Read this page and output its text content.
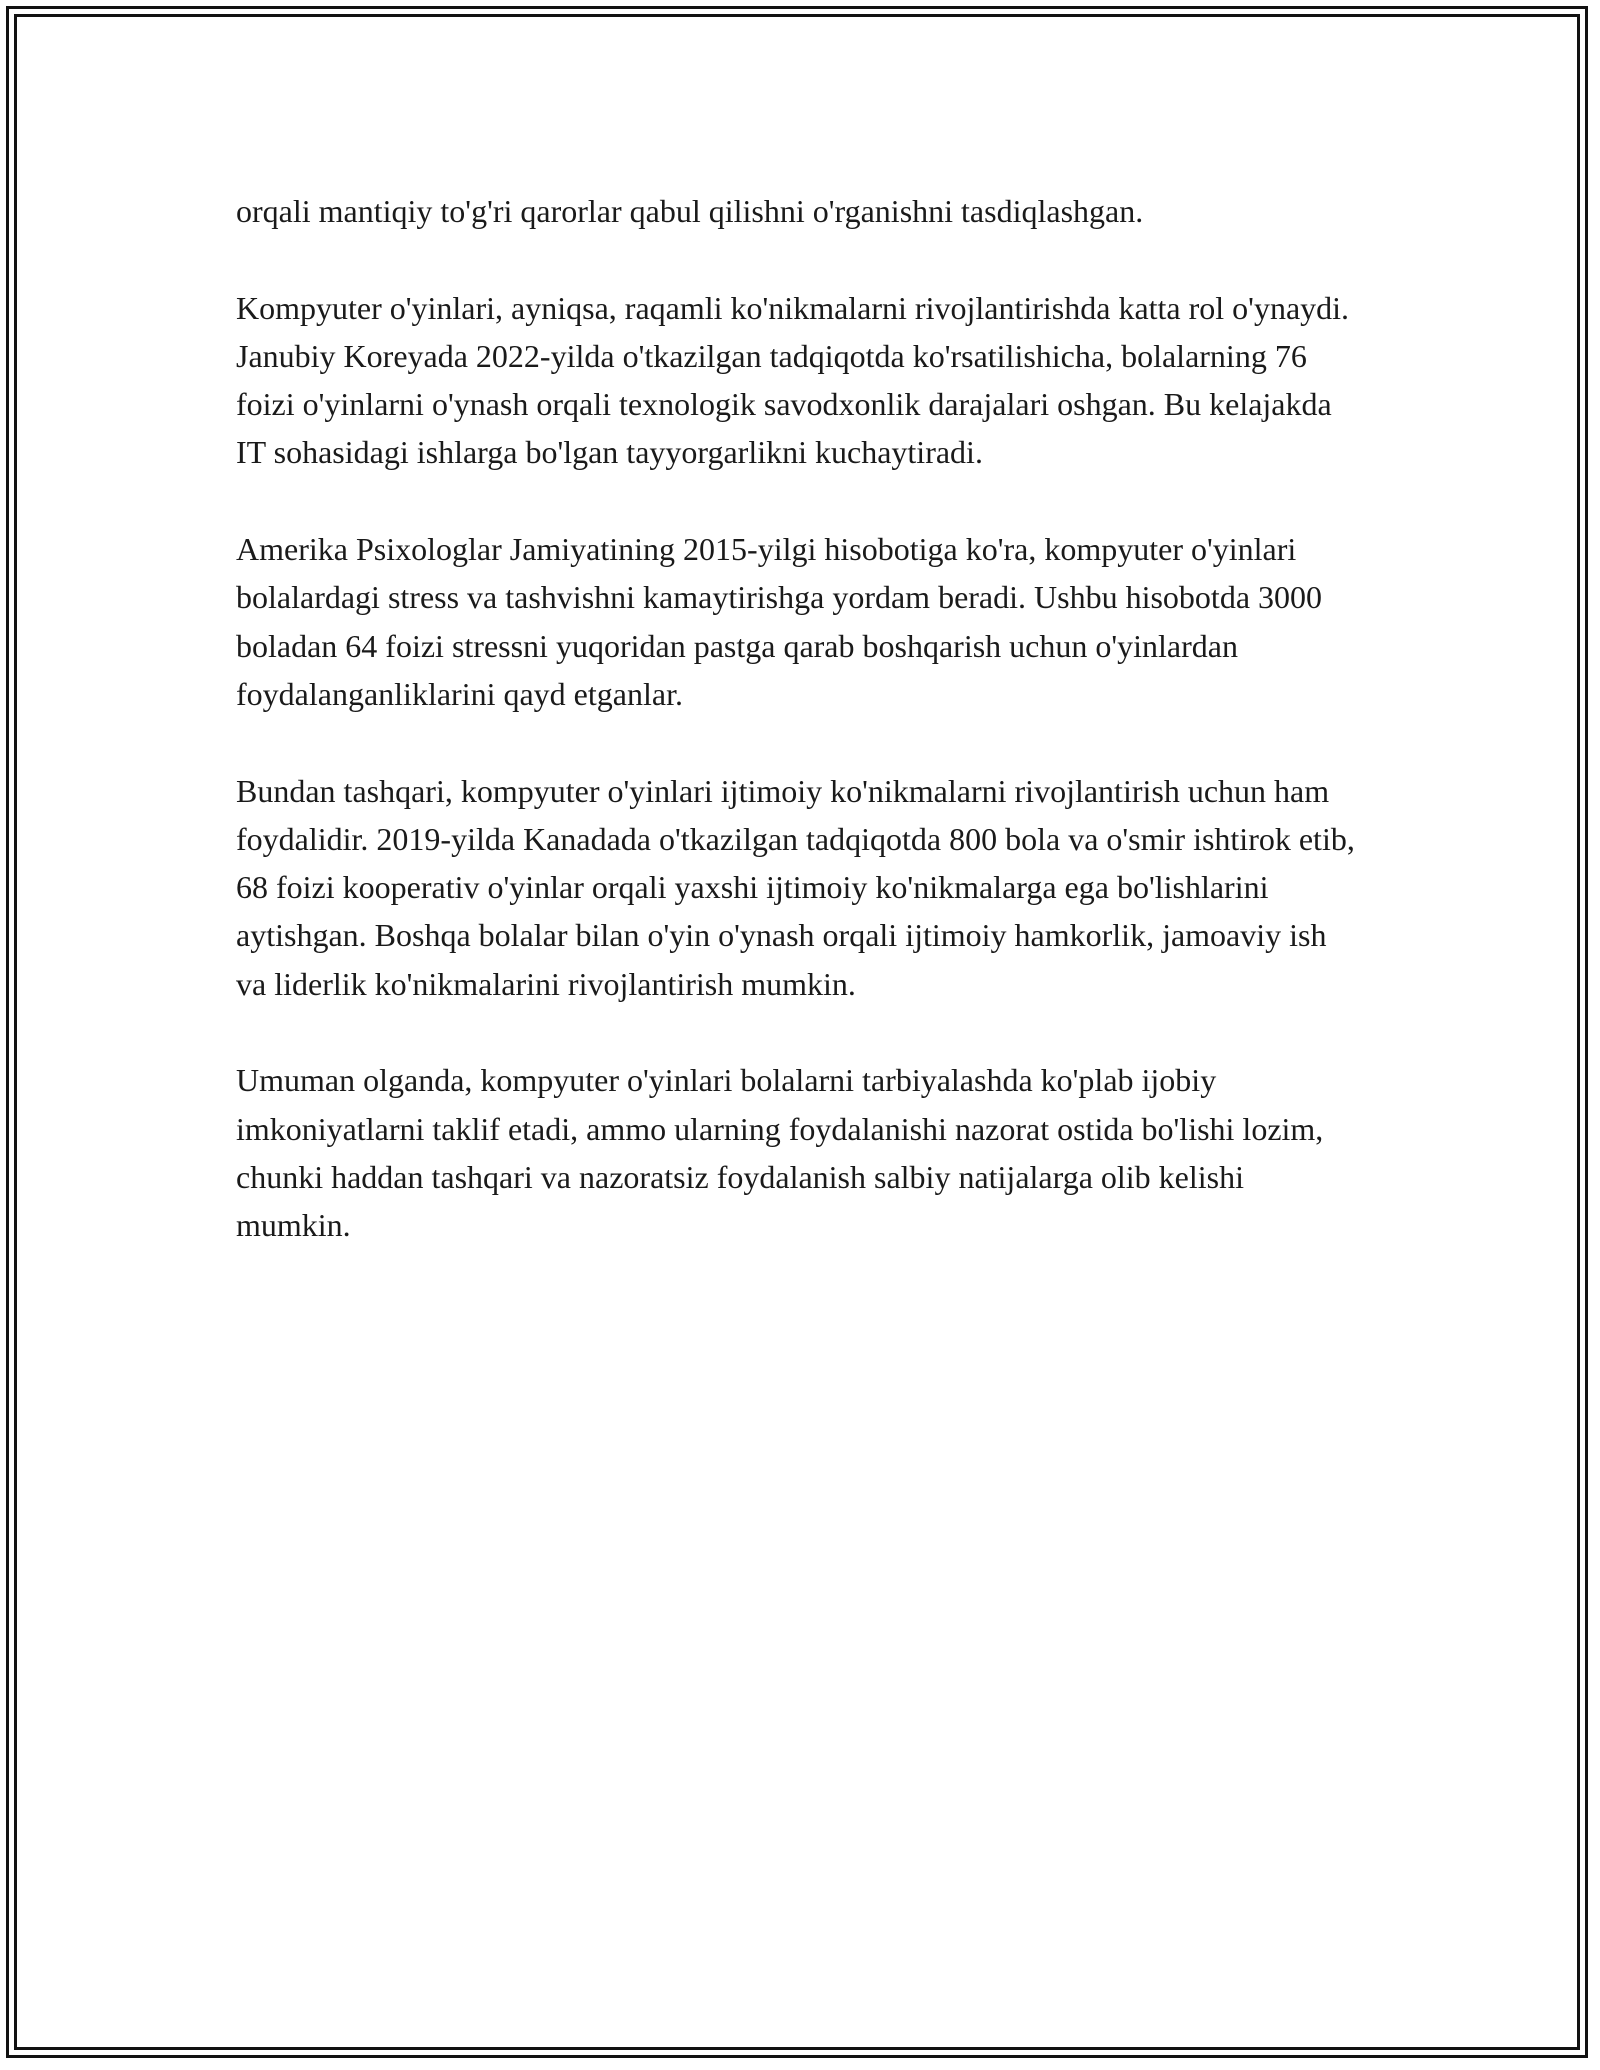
orqali mantiqiy to'g'ri qarorlar qabul qilishni o'rganishni tasdiqlashgan.

Kompyuter o'yinlari, ayniqsa, raqamli ko'nikmalarni rivojlantirishda katta rol o'ynaydi. Janubiy Koreyada 2022-yilda o'tkazilgan tadqiqotda ko'rsatilishicha, bolalarning 76 foizi o'yinlarni o'ynash orqali texnologik savodxonlik darajalari oshgan. Bu kelajakda IT sohasidagi ishlarga bo'lgan tayyorgarlikni kuchaytiradi.

Amerika Psixologlar Jamiyatining 2015-yilgi hisobotiga ko'ra, kompyuter o'yinlari bolalardagi stress va tashvishni kamaytirishga yordam beradi. Ushbu hisobotda 3000 boladan 64 foizi stressni yuqoridan pastga qarab boshqarish uchun o'yinlardan foydalanganliklarini qayd etganlar.

Bundan tashqari, kompyuter o'yinlari ijtimoiy ko'nikmalarni rivojlantirish uchun ham foydalidir. 2019-yilda Kanadada o'tkazilgan tadqiqotda 800 bola va o'smir ishtirok etib, 68 foizi kooperativ o'yinlar orqali yaxshi ijtimoiy ko'nikmalarga ega bo'lishlarini aytishgan. Boshqa bolalar bilan o'yin o'ynash orqali ijtimoiy hamkorlik, jamoaviy ish va liderlik ko'nikmalarini rivojlantirish mumkin.

Umuman olganda, kompyuter o'yinlari bolalarni tarbiyalashda ko'plab ijobiy imkoniyatlarni taklif etadi, ammo ularning foydalanishi nazorat ostida bo'lishi lozim, chunki haddan tashqari va nazoratsiz foydalanish salbiy natijalarga olib kelishi mumkin.
